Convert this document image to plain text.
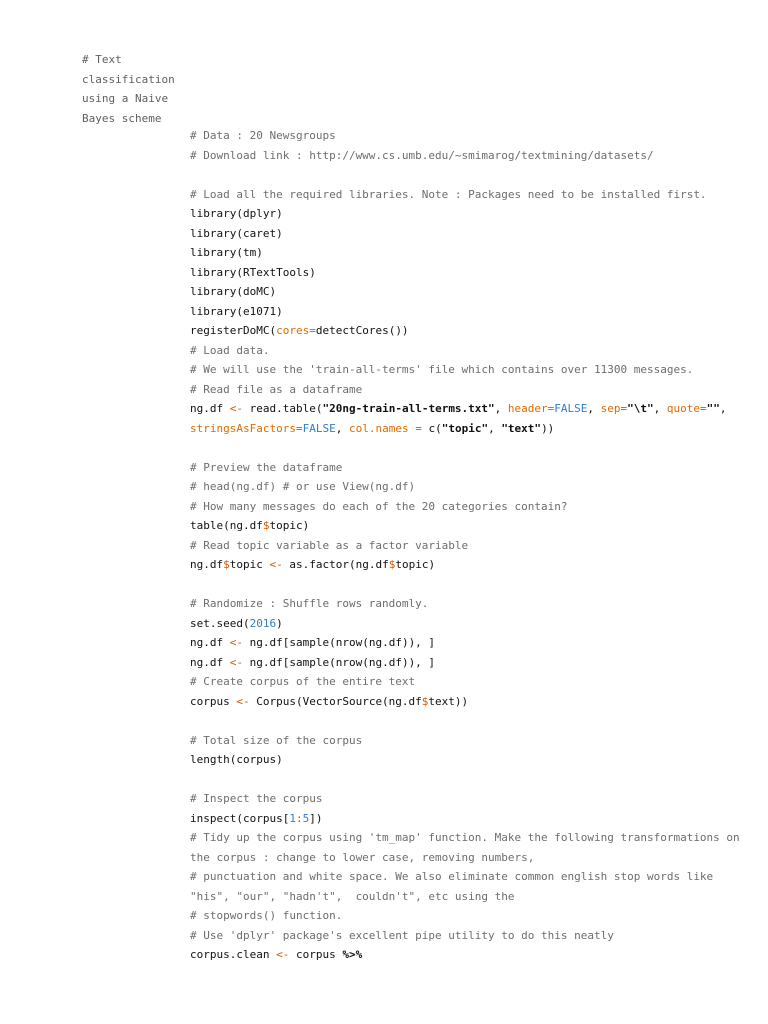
# Text
classification
using a Naive
Bayes scheme
# Data : 20 Newsgroups
# Download link : http://www.cs.umb.edu/~smimarog/textmining/datasets/
# Load all the required libraries. Note : Packages need to be installed first.
library(dplyr)
library(caret)
library(tm)
library(RTextTools)
library(doMC)
library(e1071)
registerDoMC(cores=detectCores())
# Load data.
# We will use the 'train-all-terms' file which contains over 11300 messages.
# Read file as a dataframe
ng.df <- read.table("20ng-train-all-terms.txt", header=FALSE, sep="\t", quote="",
stringsAsFactors=FALSE, col.names = c("topic", "text"))
# Preview the dataframe
# head(ng.df) # or use View(ng.df)
# How many messages do each of the 20 categories contain?
table(ng.df$topic)
# Read topic variable as a factor variable
ng.df$topic <- as.factor(ng.df$topic)
# Randomize : Shuffle rows randomly.
set.seed(2016)
ng.df <- ng.df[sample(nrow(ng.df)), ]
ng.df <- ng.df[sample(nrow(ng.df)), ]
# Create corpus of the entire text
corpus <- Corpus(VectorSource(ng.df$text))
# Total size of the corpus
length(corpus)
# Inspect the corpus
inspect(corpus[1:5])
# Tidy up the corpus using 'tm_map' function. Make the following transformations on
the corpus : change to lower case, removing numbers,
# punctuation and white space. We also eliminate common english stop words like
"his", "our", "hadn't",  couldn't", etc using the
# stopwords() function.
# Use 'dplyr' package's excellent pipe utility to do this neatly
corpus.clean <- corpus %>%
